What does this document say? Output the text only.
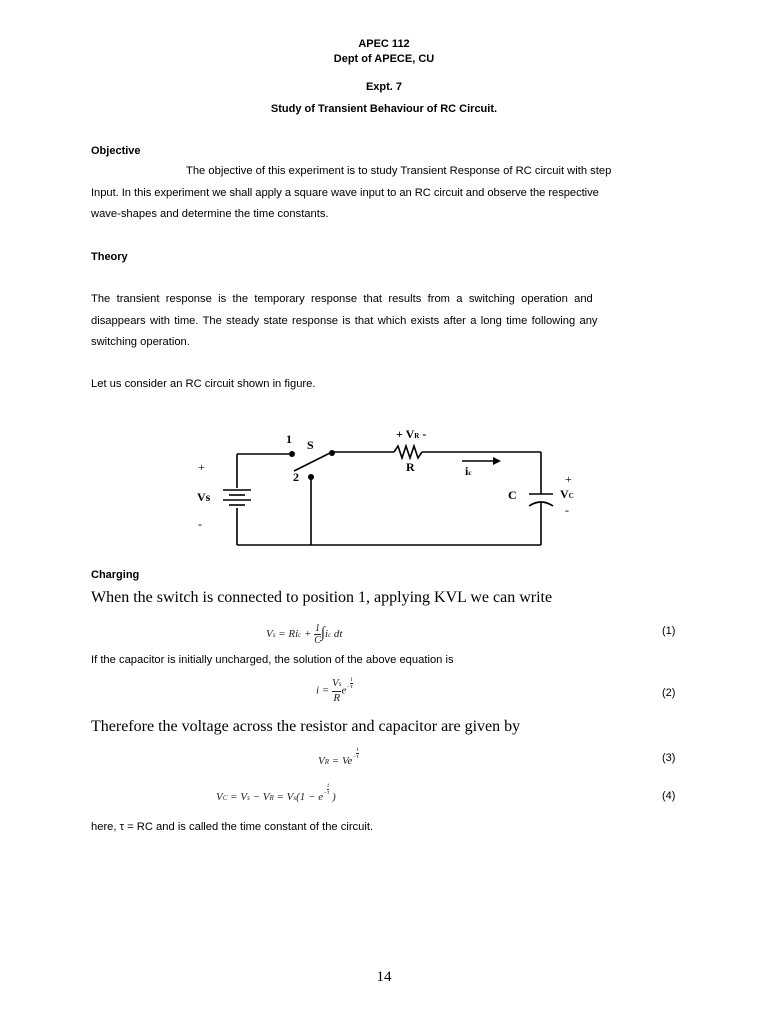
APEC 112
Dept of APECE, CU
Expt. 7
Study of Transient Behaviour of RC Circuit.
Objective
The objective of this experiment is to study Transient Response of RC circuit with step
Input. In this experiment we shall apply a square wave input to an RC circuit and observe the respective
wave-shapes and determine the time constants.
Theory
The transient response is the temporary response that results from a switching operation and
disappears with time. The steady state response is that which exists after a long time following any
switching operation.
Let us consider an RC circuit shown in figure.
1 S
2
+ VR -
R	ic
+
Vs
-
C
+
VC
-
Charging
When the switch is connected to position 1, applying KVL we can write
Vs = Ric + $\frac{1}{C} \int ic$ dt	(1)
If the capacitor is initially uncharged, the solution of the above equation is
$i = \frac{Vs}{R} e- \frac{t}{\tau}$
(2)
Therefore the voltage across the resistor and capacitor are given by
VR = $Ve- \frac{t}{\tau}$	(3)
VC = Vs − VR = $Vs(1 - e- \frac{t}{\tau}$
)	(4)
here, τ = RC and is called the time constant of the circuit.
14
